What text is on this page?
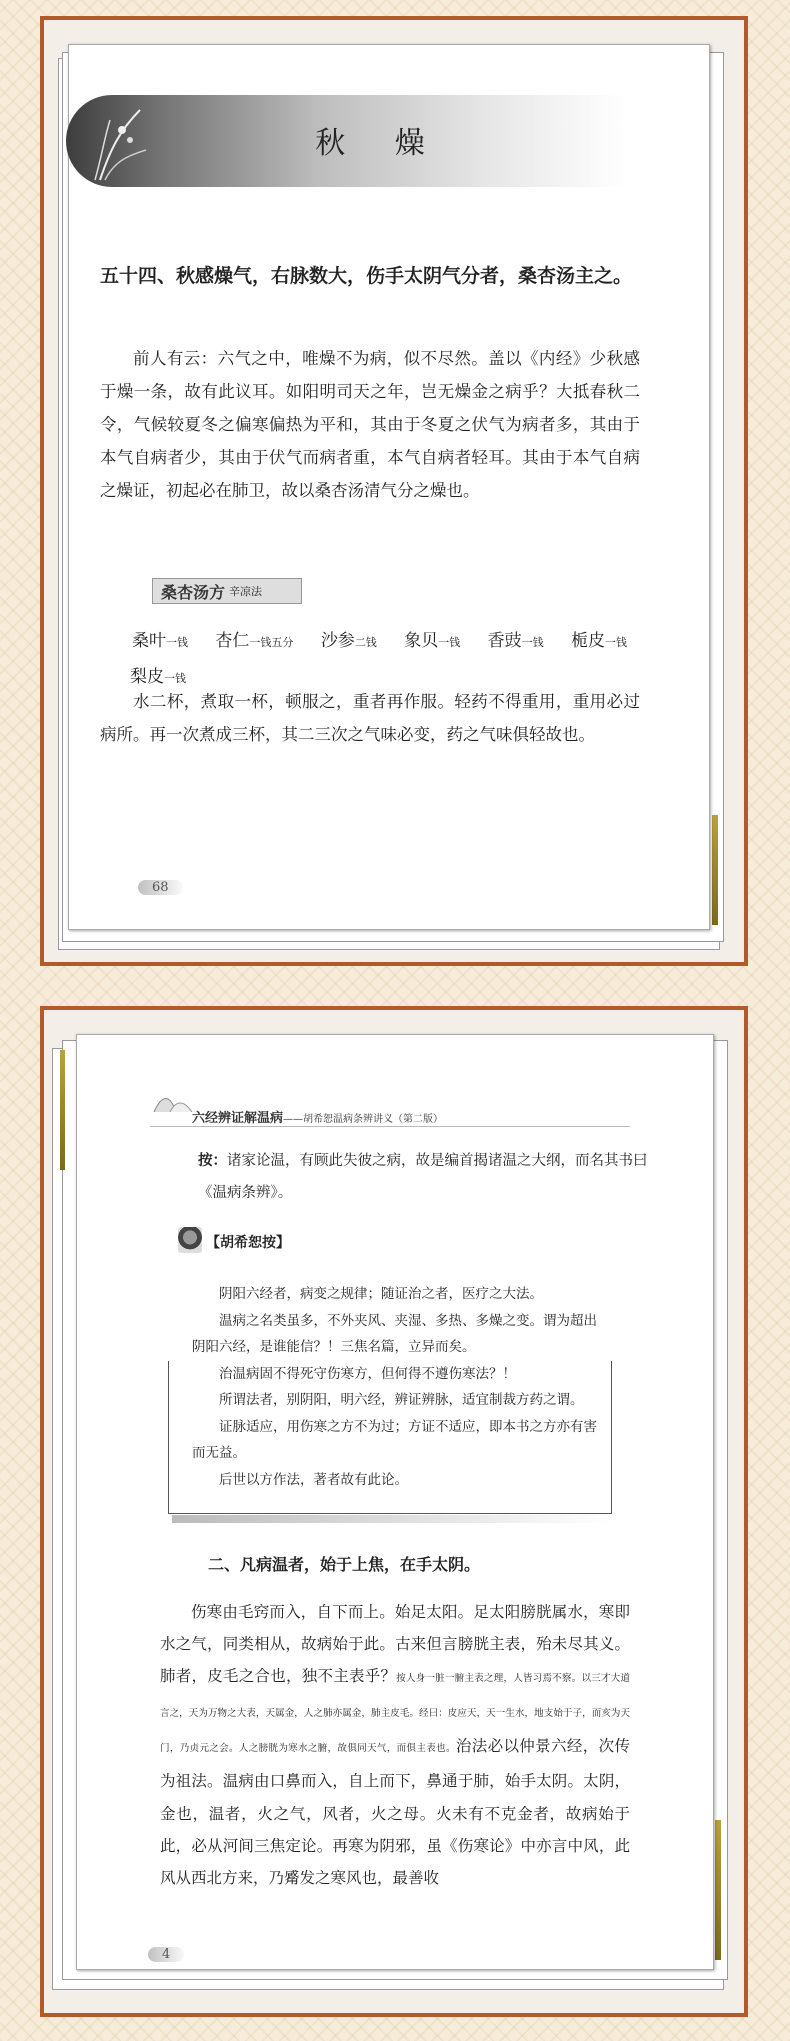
秋 燥
五十四、秋感燥气，右脉数大，伤手太阴气分者，桑杏汤主之。
前人有云：六气之中，唯燥不为病，似不尽然。盖以《内经》少秋感于燥一条，故有此议耳。如阳明司天之年，岂无燥金之病乎？大抵春秋二令，气候较夏冬之偏寒偏热为平和，其由于冬夏之伏气为病者多，其由于本气自病者少，其由于伏气而病者重，本气自病者轻耳。其由于本气自病之燥证，初起必在肺卫，故以桑杏汤清气分之燥也。
桑杏汤方 辛凉法
桑叶一钱 杏仁一钱五分 沙参二钱 象贝一钱 香豉一钱 栀皮一钱
梨皮一钱
水二杯，煮取一杯，顿服之，重者再作服。轻药不得重用，重用必过病所。再一次煮成三杯，其二三次之气味必变，药之气味俱轻故也。
68
六经辨证解温病——胡希恕温病条辨讲义（第二版）
按：诸家论温，有顾此失彼之病，故是编首揭诸温之大纲，而名其书曰《温病条辨》。
【胡希恕按】

阴阳六经者，病变之规律；随证治之者，医疗之大法。

温病之名类虽多，不外夹风、夹湿、多热、多燥之变。谓为超出阴阳六经，是谁能信？！三焦名篇，立异而矣。

治温病固不得死守伤寒方，但何得不遵伤寒法？！

所谓法者，别阴阳，明六经，辨证辨脉，适宜制裁方药之谓。

证脉适应，用伤寒之方不为过；方证不适应，即本书之方亦有害而无益。

后世以方作法，著者故有此论。

二、凡病温者，始于上焦，在手太阴。
伤寒由毛窍而入，自下而上。始足太阳。足太阳膀胱属水，寒即水之气，同类相从，故病始于此。古来但言膀胱主表，殆未尽其义。肺者，皮毛之合也，独不主表乎？按人身一脏一腑主表之理，人皆习焉不察。以三才大道言之，天为万物之大表，天属金，人之肺亦属金，肺主皮毛。经曰：皮应天，天一生水，地支始于子，而亥为天门，乃贞元之会。人之膀胱为寒水之腑，故俱同天气，而俱主表也。治法必以仲景六经，次传为祖法。温病由口鼻而入，自上而下，鼻通于肺，始手太阴。太阴，金也，温者，火之气，风者，火之母。火未有不克金者，故病始于此，必从河间三焦定论。再寒为阴邪，虽《伤寒论》中亦言中风，此风从西北方来，乃觱发之寒风也，最善收
4
